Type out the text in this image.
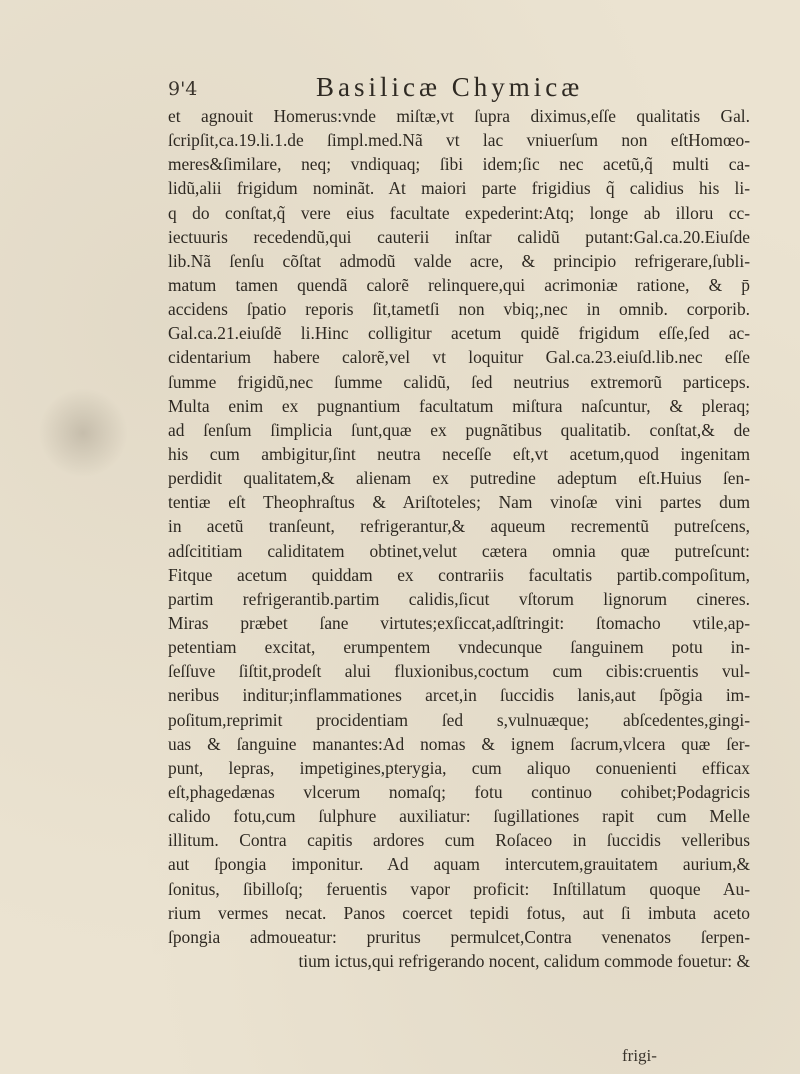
9'4	Basilicæ Chymicæ
et agnouit Homerus:vnde miſtæ,vt ſupra diximus,eſſe qualitatis Gal.
ſcripſit,ca.19.li.1.de ſimpl.med.Nã vt lac vniuerſum non eſtHomœo-
meres&ſimilare, neq; vndiquaq; ſibi idem;ſic nec acetũ,q̃ multi ca-
lidũ,alii frigidum nominãt. At maiori parte frigidius q̃ calidius his li-
q do conſtat,q̃ vere eius facultate expederint:Atq; longe ab illoru cc-
iectuuris recedendũ,qui cauterii inſtar calidũ putant:Gal.ca.20.Eiuſde
lib.Nã ſenſu cõſtat admodũ valde acre, & principio refrigerare,ſubli-
matum tamen quendã calorẽ relinquere,qui acrimoniæ ratione, & p̄
accidens ſpatio reporis ſit,tametſi non vbiq;,nec in omnib. corporib.
Gal.ca.21.eiuſdẽ li.Hinc colligitur acetum quidẽ frigidum eſſe,ſed ac-
cidentarium habere calorẽ,vel vt loquitur Gal.ca.23.eiuſd.lib.nec eſſe
ſumme frigidũ,nec ſumme calidũ, ſed neutrius extremorũ particeps.
Multa enim ex pugnantium facultatum miſtura naſcuntur, & pleraq;
ad ſenſum ſimplicia ſunt,quæ ex pugnãtibus qualitatib. conſtat,& de
his cum ambigitur,ſint neutra neceſſe eſt,vt acetum,quod ingenitam
perdidit qualitatem,& alienam ex putredine adeptum eſt.Huius ſen-
tentiæ eſt Theophraſtus & Ariſtoteles; Nam vinoſæ vini partes dum
in acetũ tranſeunt, refrigerantur,& aqueum recrementũ putreſcens,
adſcititiam caliditatem obtinet,velut cætera omnia quæ putreſcunt:
Fitque acetum quiddam ex contrariis facultatis partib.compoſitum,
partim refrigerantib.partim calidis,ſicut vſtorum lignorum cineres.
Miras præbet ſane virtutes;exſiccat,adſtringit: ſtomacho vtile,ap-
petentiam excitat, erumpentem vndecunque ſanguinem potu in-
ſeſſuve ſiſtit,prodeſt alui fluxionibus,coctum cum cibis:cruentis vul-
neribus inditur;inflammationes arcet,in ſuccidis lanis,aut ſpõgia im-
poſitum,reprimit procidentiam ſed s,vulnuæque; abſcedentes,gingi-
uas & ſanguine manantes:Ad nomas & ignem ſacrum,vlcera quæ ſer-
punt, lepras, impetigines,pterygia, cum aliquo conuenienti efficax
eſt,phagedænas vlcerum nomaſq; fotu continuo cohibet;Podagricis
calido fotu,cum ſulphure auxiliatur: ſugillationes rapit cum Melle
illitum. Contra capitis ardores cum Roſaceo in ſuccidis velleribus
aut ſpongia imponitur. Ad aquam intercutem,grauitatem aurium,&
ſonitus, ſibilloſq; feruentis vapor proficit: Inſtillatum quoque Au-
rium vermes necat. Panos coercet tepidi fotus, aut ſi imbuta aceto
ſpongia admoueatur: pruritus permulcet,Contra venenatos ſerpen-
tium ictus,qui refrigerando nocent, calidum commode fouetur: &
frigi-
